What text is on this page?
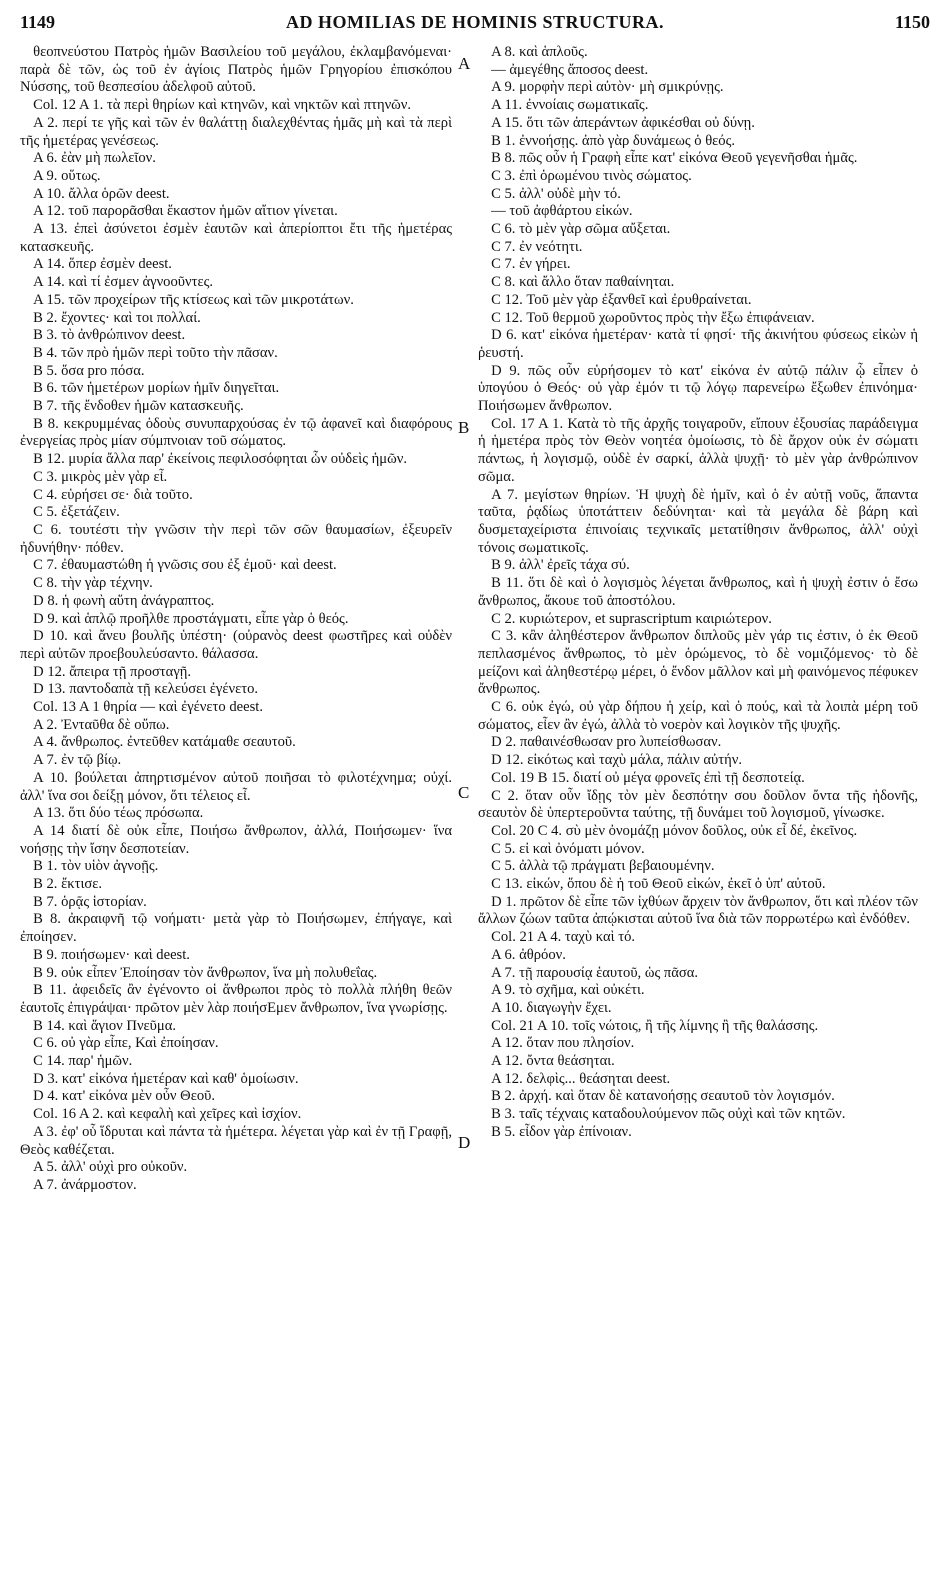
1149	AD HOMILIAS DE HOMINIS STRUCTURA.	1150
A
B
C
D

θεοπνεύστου Πατρὸς ἡμῶν Βασιλείου τοῦ μεγάλου, ἐκλαμβανόμεναι· παρὰ δὲ τῶν, ὡς τοῦ ἐν ἁγίοις Πατρὸς ἡμῶν Γρηγορίου ἐπισκόπου Νύσσης, τοῦ θεσπεσίου ἀδελφοῦ αὐτοῦ.

Col. 12 A 1. τὰ περὶ θηρίων καὶ κτηνῶν, καὶ νηκτῶν καὶ πτηνῶν.

A 2. περί τε γῆς καὶ τῶν ἐν θαλάττῃ διαλεχθέντας ἡμᾶς μὴ καὶ τὰ περὶ τῆς ἡμετέρας γενέσεως.

A 6. ἐὰν μὴ πωλεῖον.

A 9. οὕτως.

A 10. ἄλλα ὁρῶν deest.

A 12. τοῦ παρορᾶσθαι ἕκαστον ἡμῶν αἴτιον γίνεται.

A 13. ἐπεὶ ἀσύνετοι ἐσμὲν ἑαυτῶν καὶ ἀπερίοπτοι ἔτι τῆς ἡμετέρας κατασκευῆς.

A 14. ὅπερ ἐσμὲν deest.

A 14. καὶ τί ἐσμεν ἀγνοοῦντες.

A 15. τῶν προχείρων τῆς κτίσεως καὶ τῶν μικροτάτων.

B 2. ἔχοντες· καὶ τοι πολλαί.

B 3. τὸ ἀνθρώπινον deest.

B 4. τῶν πρὸ ἡμῶν περὶ τοῦτο τὴν πᾶσαν.

B 5. ὅσα pro πόσα.

B 6. τῶν ἡμετέρων μορίων ἡμῖν διηγεῖται.

B 7. τῆς ἔνδοθεν ἡμῶν κατασκευῆς.

B 8. κεκρυμμένας ὁδοὺς συνυπαρχούσας ἐν τῷ ἀφανεῖ καὶ διαφόρους ἐνεργείας πρὸς μίαν σύμπνοιαν τοῦ σώματος.

B 12. μυρία ἄλλα παρ' ἐκείνοις πεφιλοσόφηται ὧν οὐδεὶς ἡμῶν.

C 3. μικρὸς μὲν γὰρ εἶ.

C 4. εὑρήσει σε· διὰ τοῦτο.

C 5. ἐξετάζειν.

C 6. τουτέστι τὴν γνῶσιν τὴν περὶ τῶν σῶν θαυμασίων, ἐξευρεῖν ἠδυνήθην· πόθεν.

C 7. ἐθαυμαστώθη ἡ γνῶσις σου ἐξ ἐμοῦ· καὶ deest.

C 8. τὴν γὰρ τέχνην.

D 8. ἡ φωνὴ αὕτη ἀνάγραπτος.

D 9. καὶ ἁπλῷ προῆλθε προστάγματι, εἶπε γὰρ ὁ θεός.

D 10. καὶ ἄνευ βουλῆς ὑπέστη· (οὐρανὸς deest φωστῆρες καὶ οὐδὲν περὶ αὐτῶν προεβουλεύσαντο. θάλασσα.

D 12. ἄπειρα τῇ προσταγῇ.

D 13. παντοδαπὰ τῇ κελεύσει ἐγένετο.

Col. 13 A 1 θηρία — καὶ ἐγένετο deest.

A 2. Ἐνταῦθα δὲ οὔπω.

A 4. ἄνθρωπος. ἐντεῦθεν κατάμαθε σεαυτοῦ.

A 7. ἐν τῷ βίῳ.

A 10. βούλεται ἀπηρτισμένον αὐτοῦ ποιῆσαι τὸ φιλοτέχνημα; οὐχί. ἀλλ' ἵνα σοι δείξῃ μόνον, ὅτι τέλειος εἶ.

A 13. ὅτι δύο τέως πρόσωπα.

A 14 διατί δὲ οὐκ εἶπε, Ποιήσω ἄνθρωπον, ἀλλά, Ποιήσωμεν· ἵνα νοήσῃς τὴν ἴσην δεσποτείαν.

B 1. τὸν υἱὸν ἀγνοῇς.

B 2. ἔκτισε.

B 7. ὁρᾷς ἱστορίαν.

B 8. ἀκραιφνῆ τῷ νοήματι· μετὰ γὰρ τὸ Ποιήσωμεν, ἐπήγαγε, καὶ ἐποίησεν.

B 9. ποιήσωμεν· καὶ deest.

B 9. οὐκ εἶπεν Ἐποίησαν τὸν ἄνθρωπον, ἵνα μὴ πολυθεΐας.

B 11. ἀφειδεῖς ἂν ἐγένοντο οἱ ἄνθρωποι πρὸς τὸ πολλὰ πλήθη θεῶν ἑαυτοῖς ἐπιγράψαι· πρῶτον μὲν λὰρ ποιήσΕμεν ἄνθρωπον, ἵνα γνωρίσῃς.

B 14. καὶ ἅγιον Πνεῦμα.

C 6. οὐ γὰρ εἶπε, Καὶ ἐποίησαν.

C 14. παρ' ἡμῶν.

D 3. κατ' εἰκόνα ἡμετέραν καὶ καθ' ὁμοίωσιν.

D 4. κατ' εἰκόνα μὲν οὖν Θεοῦ.

Col. 16 A 2. καὶ κεφαλὴ καὶ χεῖρες καὶ ἰσχίον.

A 3. ἐφ' οὗ ἵδρυται καὶ πάντα τὰ ἡμέτερα. λέγεται γὰρ καὶ ἐν τῇ Γραφῇ, Θεὸς καθέζεται.

A 5. ἀλλ' οὐχὶ pro οὐκοῦν.

A 7. ἀνάρμοστον.

A 8. καὶ ἁπλοῦς.

— ἀμεγέθης ἄποσος deest.

A 9. μορφὴν περὶ αὐτὸν· μὴ σμικρύνῃς.

A 11. ἐννοίαις σωματικαῖς.

A 15. ὅτι τῶν ἀπεράντων ἀφικέσθαι οὐ δύνῃ.

B 1. ἐννοήσῃς. ἀπὸ γὰρ δυνάμεως ὁ θεός.

B 8. πῶς οὖν ἡ Γραφὴ εἶπε κατ' εἰκόνα Θεοῦ γεγενῆσθαι ἡμᾶς.

C 3. ἐπὶ ὁρωμένου τινὸς σώματος.

C 5. ἀλλ' οὐδὲ μὴν τό.

— τοῦ ἀφθάρτου εἰκών.

C 6. τὸ μὲν γὰρ σῶμα αὔξεται.

C 7. ἐν νεότητι.

C 7. ἐν γήρει.

C 8. καὶ ἄλλο ὅταν παθαίνηται.

C 12. Τοῦ μὲν γὰρ ἐξανθεῖ καὶ ἐρυθραίνεται.

C 12. Τοῦ θερμοῦ χωροῦντος πρὸς τὴν ἔξω ἐπιφάνειαν.

D 6. κατ' εἰκόνα ἡμετέραν· κατὰ τί φησί· τῆς ἀκινήτου φύσεως εἰκὼν ἡ ῥευστή.

D 9. πῶς οὖν εὑρήσομεν τὸ κατ' εἰκόνα ἐν αὐτῷ πάλιν ᾧ εἶπεν ὁ ὑπογύου ὁ Θεός· οὐ γὰρ ἐμόν τι τῷ λόγῳ παρενείρω ἔξωθεν ἐπινόημα· Ποιήσωμεν ἄνθρωπον.

Col. 17 A 1. Κατὰ τὸ τῆς ἀρχῆς τοιγαροῦν, εἴπουν ἐξουσίας παράδειγμα ἡ ἡμετέρα πρὸς τὸν Θεὸν νοητέα ὁμοίωσις, τὸ δὲ ἄρχον οὐκ ἐν σώματι πάντως, ἡ λογισμῷ, οὐδὲ ἐν σαρκί, ἀλλὰ ψυχῇ· τὸ μὲν γὰρ ἀνθρώπινον σῶμα.

A 7. μεγίστων θηρίων. Ἡ ψυχὴ δὲ ἡμῖν, καὶ ὁ ἐν αὐτῇ νοῦς, ἅπαντα ταῦτα, ῥᾳδίως ὑποτάττειν δεδύνηται· καὶ τὰ μεγάλα δὲ βάρη καὶ δυσμεταχείριστα ἐπινοίαις τεχνικαῖς μετατίθησιν ἄνθρωπος, ἀλλ' οὐχὶ τόνοις σωματικοῖς.

B 9. ἀλλ' ἐρεῖς τάχα σύ.

B 11. ὅτι δὲ καὶ ὁ λογισμὸς λέγεται ἄνθρωπος, καὶ ἡ ψυχὴ ἐστιν ὁ ἔσω ἄνθρωπος, ἄκουε τοῦ ἀποστόλου.

C 2. κυριώτερον, et suprascriptum καιριώτερον.

C 3. κἂν ἀληθέστερον ἄνθρωπον διπλοῦς μὲν γάρ τις ἐστιν, ὁ ἐκ Θεοῦ πεπλασμένος ἄνθρωπος, τὸ μὲν ὁρώμενος, τὸ δὲ νομιζόμενος· τὸ δὲ μείζονι καὶ ἀληθεστέρῳ μέρει, ὁ ἔνδον μᾶλλον καὶ μὴ φαινόμενος πέφυκεν ἄνθρωπος.

C 6. οὐκ ἐγώ, οὐ γὰρ δήπου ἡ χείρ, καὶ ὁ πούς, καὶ τὰ λοιπὰ μέρη τοῦ σώματος, εἶεν ἂν ἐγώ, ἀλλὰ τὸ νοερὸν καὶ λογικὸν τῆς ψυχῆς.

D 2. παθαινέσθωσαν pro λυπείσθωσαν.

D 12. εἰκότως καὶ ταχὺ μάλα, πάλιν αὐτήν.

Col. 19 B 15. διατί οὐ μέγα φρονεῖς ἐπὶ τῇ δεσποτείᾳ.

C 2. ὅταν οὖν ἴδῃς τὸν μὲν δεσπότην σου δοῦλον ὄντα τῆς ἡδονῆς, σεαυτὸν δὲ ὑπερτεροῦντα ταύτης, τῇ δυνάμει τοῦ λογισμοῦ, γίνωσκε.

Col. 20 C 4. σὺ μὲν ὀνομάζῃ μόνον δοῦλος, οὐκ εἶ δέ, ἐκεῖνος.

C 5. εἰ καὶ ὀνόματι μόνον.

C 5. ἀλλὰ τῷ πράγματι βεβαιουμένην.

C 13. εἰκών, ὅπου δὲ ἡ τοῦ Θεοῦ εἰκών, ἐκεῖ ὁ ὑπ' αὐτοῦ.

D 1. πρῶτον δὲ εἶπε τῶν ἰχθύων ἄρχειν τὸν ἄνθρωπον, ὅτι καὶ πλέον τῶν ἄλλων ζώων ταῦτα ἀπῴκισται αὐτοῦ ἵνα διὰ τῶν πορρωτέρω καὶ ἐνδόθεν.

Col. 21 A 4. ταχὺ καὶ τό.

A 6. ἀθρόον.

A 7. τῇ παρουσίᾳ ἑαυτοῦ, ὡς πᾶσα.

A 9. τὸ σχῆμα, καὶ οὐκέτι.

A 10. διαγωγὴν ἔχει.

Col. 21 A 10. τοῖς νώτοις, ἢ τῆς λίμνης ἢ τῆς θαλάσσης.

A 12. ὅταν που πλησίον.

A 12. ὄντα θεάσηται.

A 12. δελφὶς... θεάσηται deest.

B 2. ἀρχή. καὶ ὅταν δὲ κατανοήσῃς σεαυτοῦ τὸν λογισμόν.

B 3. ταῖς τέχναις καταδουλούμενον πῶς οὐχὶ καὶ τῶν κητῶν.

B 5. εἶδον γὰρ ἐπίνοιαν.
